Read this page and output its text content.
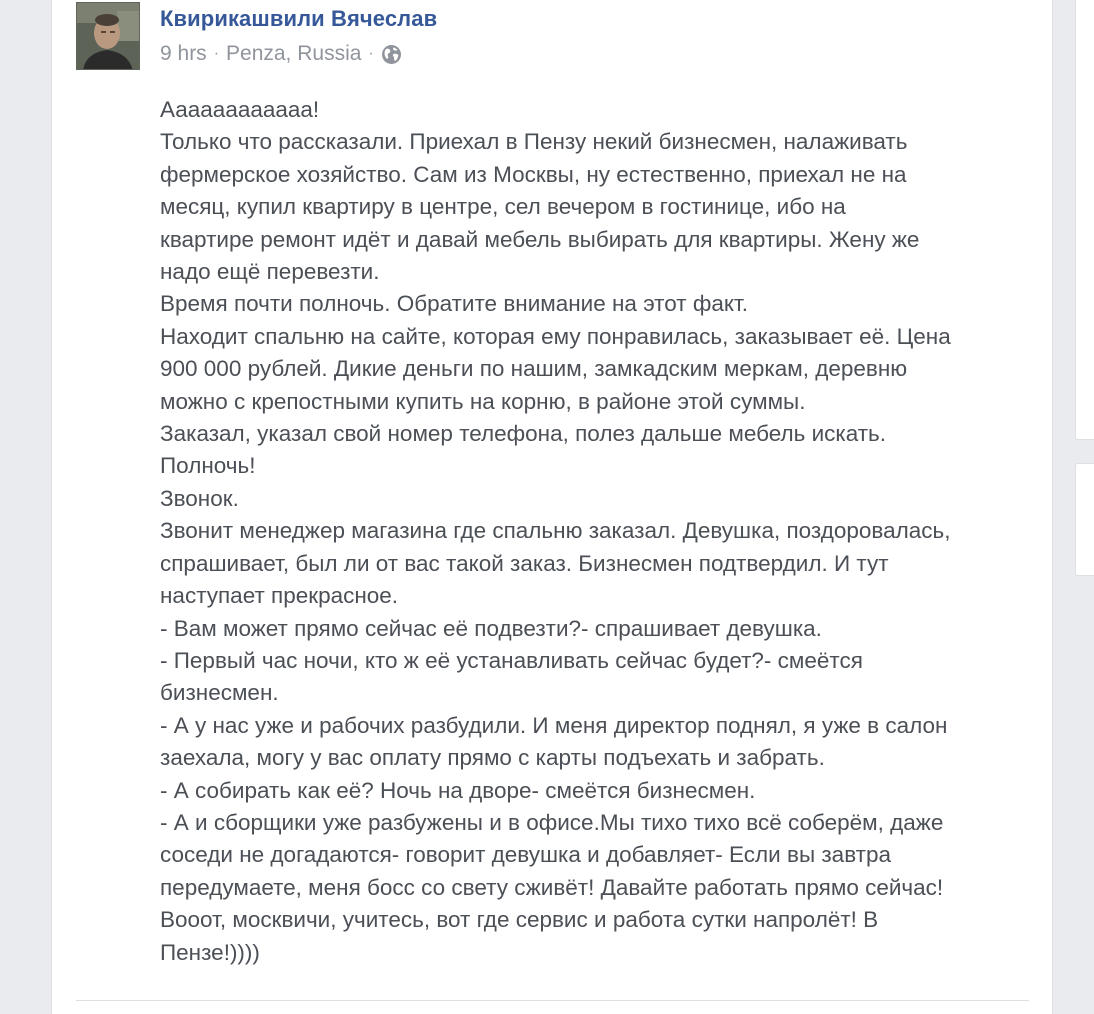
Квирикашвили Вячеслав
9 hrs · Penza, Russia ·
Аааааааааааа!
Только что рассказали. Приехал в Пензу некий бизнесмен, налаживать
фермерское хозяйство. Сам из Москвы, ну естественно, приехал не на
месяц, купил квартиру в центре, сел вечером в гостинице, ибо на
квартире ремонт идёт и давай мебель выбирать для квартиры. Жену же
надо ещё перевезти.
Время почти полночь. Обратите внимание на этот факт.
Находит спальню на сайте, которая ему понравилась, заказывает её. Цена
900 000 рублей. Дикие деньги по нашим, замкадским меркам, деревню
можно с крепостными купить на корню, в районе этой суммы.
Заказал, указал свой номер телефона, полез дальше мебель искать.
Полночь!
Звонок.
Звонит менеджер магазина где спальню заказал. Девушка, поздоровалась,
спрашивает, был ли от вас такой заказ. Бизнесмен подтвердил. И тут
наступает прекрасное.
- Вам может прямо сейчас её подвезти?- спрашивает девушка.
- Первый час ночи, кто ж её устанавливать сейчас будет?- смеётся
бизнесмен.
- А у нас уже и рабочих разбудили. И меня директор поднял, я уже в салон
заехала, могу у вас оплату прямо с карты подъехать и забрать.
- А собирать как её? Ночь на дворе- смеётся бизнесмен.
- А и сборщики уже разбужены и в офисе.Мы тихо тихо всё соберём, даже
соседи не догадаются- говорит девушка и добавляет- Если вы завтра
передумаете, меня босс со свету сживёт! Давайте работать прямо сейчас!
Вооот, москвичи, учитесь, вот где сервис и работа сутки напролёт! В
Пензе!))))
